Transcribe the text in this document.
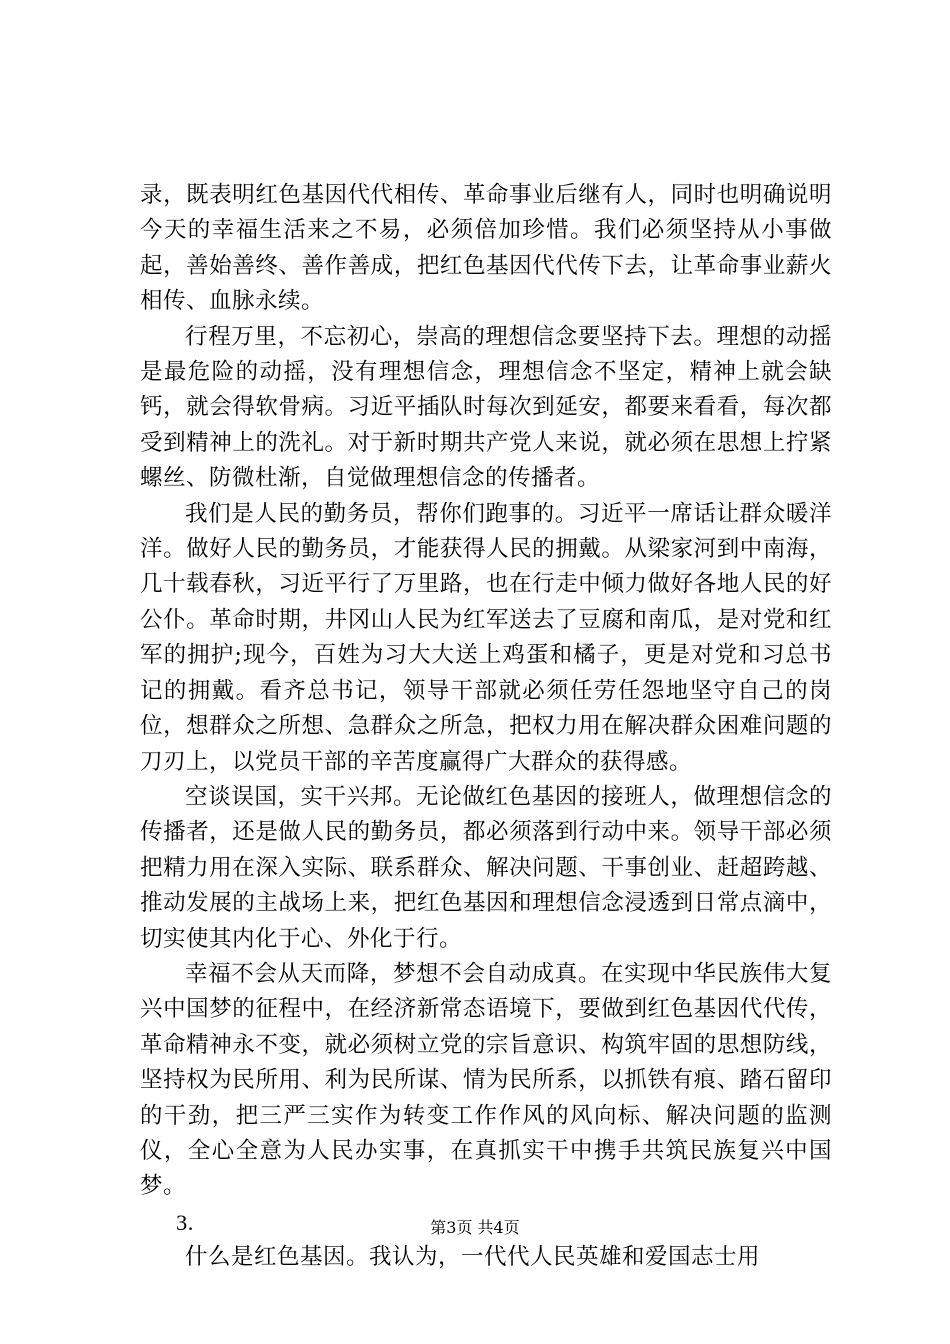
录，既表明红色基因代代相传、革命事业后继有人，同时也明确说明今天的幸福生活来之不易，必须倍加珍惜。我们必须坚持从小事做起，善始善终、善作善成，把红色基因代代传下去，让革命事业薪火相传、血脉永续。

行程万里，不忘初心，崇高的理想信念要坚持下去。理想的动摇是最危险的动摇，没有理想信念，理想信念不坚定，精神上就会缺钙，就会得软骨病。习近平插队时每次到延安，都要来看看，每次都受到精神上的洗礼。对于新时期共产党人来说，就必须在思想上拧紧螺丝、防微杜渐，自觉做理想信念的传播者。

我们是人民的勤务员，帮你们跑事的。习近平一席话让群众暖洋洋。做好人民的勤务员，才能获得人民的拥戴。从梁家河到中南海，几十载春秋，习近平行了万里路，也在行走中倾力做好各地人民的好公仆。革命时期，井冈山人民为红军送去了豆腐和南瓜，是对党和红军的拥护;现今，百姓为习大大送上鸡蛋和橘子，更是对党和习总书记的拥戴。看齐总书记，领导干部就必须任劳任怨地坚守自己的岗位，想群众之所想、急群众之所急，把权力用在解决群众困难问题的刀刃上，以党员干部的辛苦度赢得广大群众的获得感。

空谈误国，实干兴邦。无论做红色基因的接班人，做理想信念的传播者，还是做人民的勤务员，都必须落到行动中来。领导干部必须把精力用在深入实际、联系群众、解决问题、干事创业、赶超跨越、推动发展的主战场上来，把红色基因和理想信念浸透到日常点滴中，切实使其内化于心、外化于行。

幸福不会从天而降，梦想不会自动成真。在实现中华民族伟大复兴中国梦的征程中，在经济新常态语境下，要做到红色基因代代传，革命精神永不变，就必须树立党的宗旨意识、构筑牢固的思想防线，坚持权为民所用、利为民所谋、情为民所系，以抓铁有痕、踏石留印的干劲，把三严三实作为转变工作作风的风向标、解决问题的监测仪，全心全意为人民办实事，在真抓实干中携手共筑民族复兴中国梦。

3.

什么是红色基因。我认为，一代代人民英雄和爱国志士用

第3页 共4页
